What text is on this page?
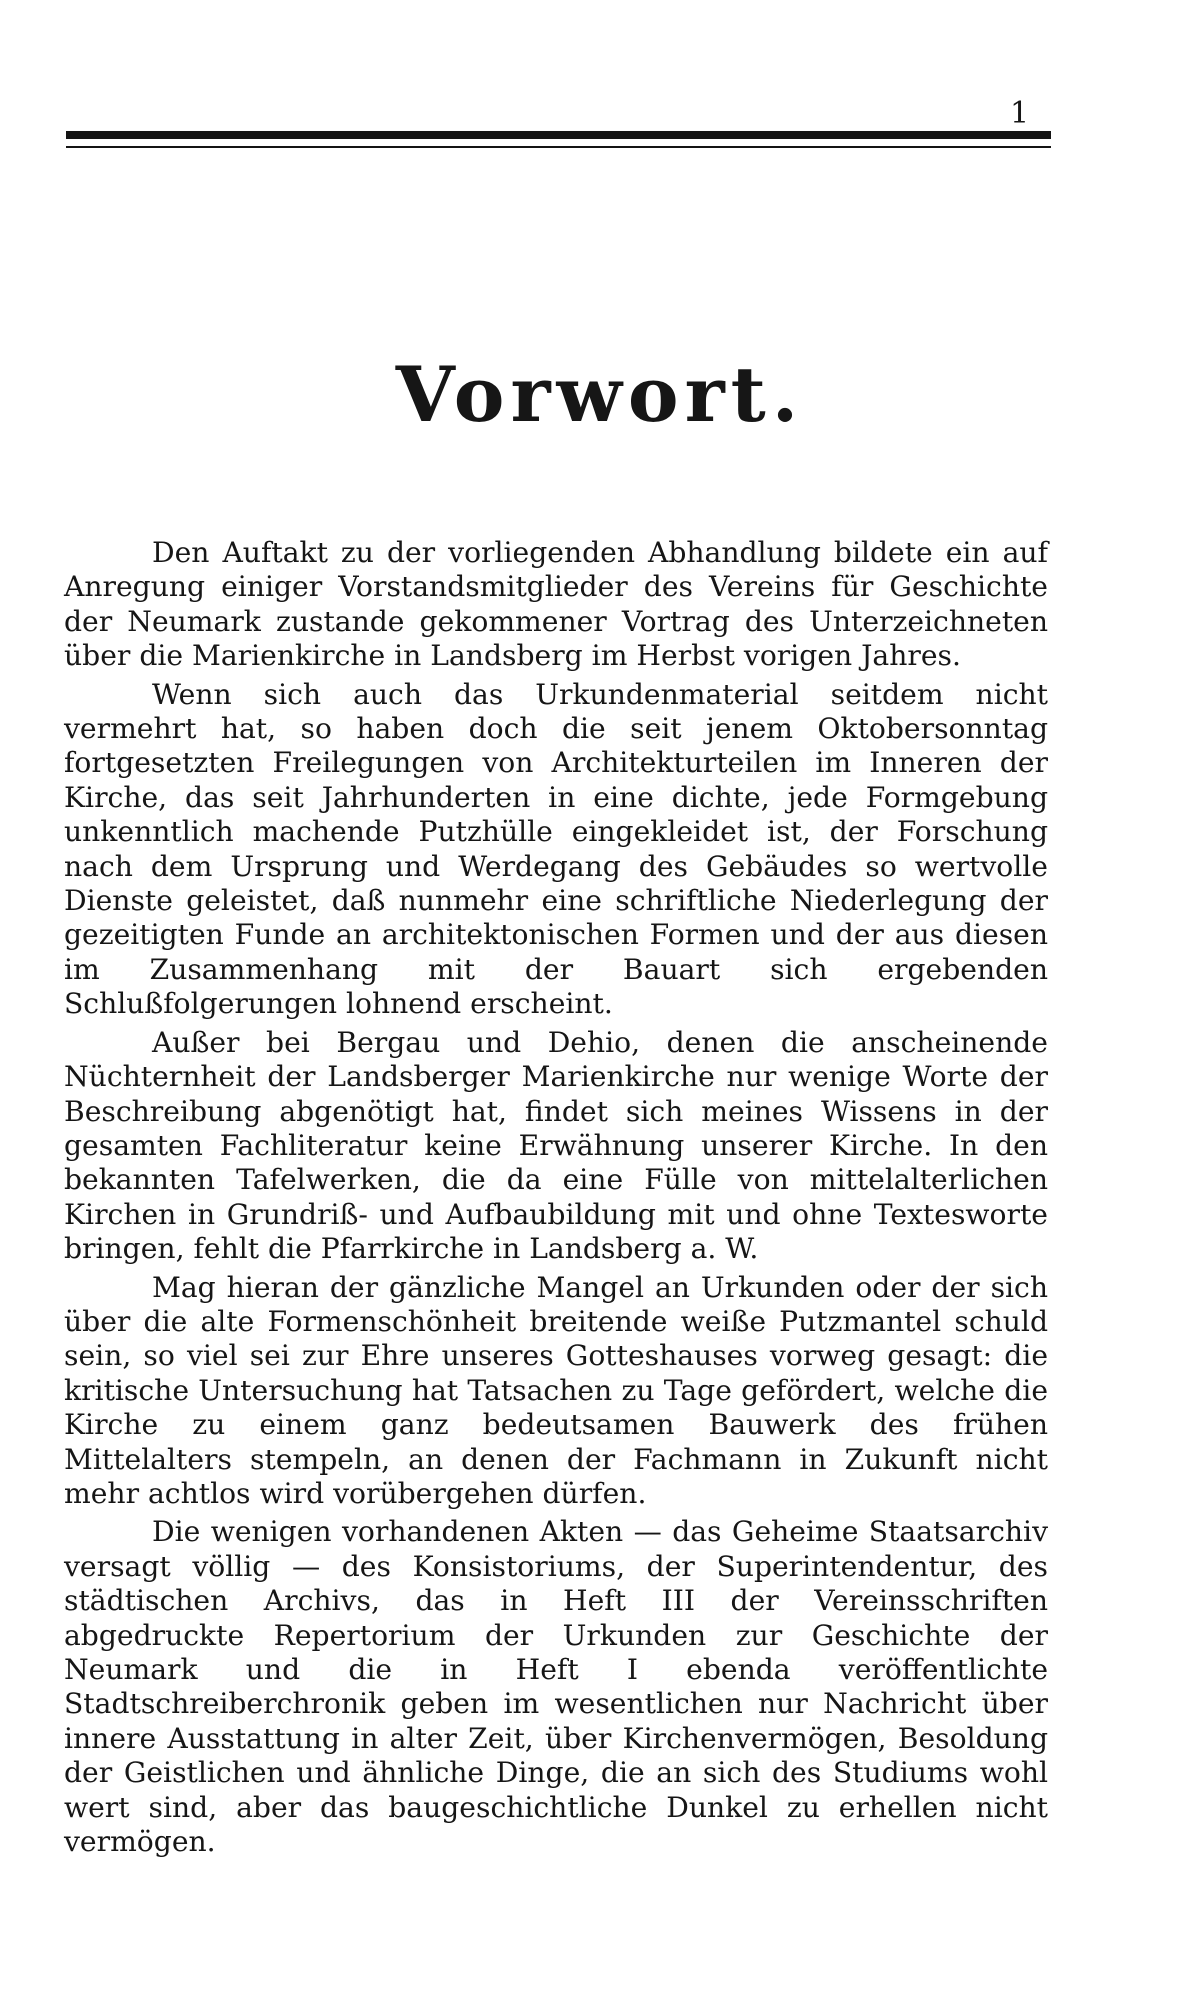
1
Vorwort.

Den Auftakt zu der vorliegenden Abhandlung bildete ein auf Anregung einiger Vorstandsmitglieder des Vereins für Geschichte der Neumark zustande gekommener Vortrag des Unterzeichneten über die Marienkirche in Landsberg im Herbst vorigen Jahres.

Wenn sich auch das Urkundenmaterial seitdem nicht vermehrt hat, so haben doch die seit jenem Oktobersonntag fortgesetzten Freilegungen von Architekturteilen im Inneren der Kirche, das seit Jahrhunderten in eine dichte, jede Formgebung unkenntlich machende Putzhülle eingekleidet ist, der Forschung nach dem Ursprung und Werdegang des Gebäudes so wertvolle Dienste geleistet, daß nunmehr eine schriftliche Niederlegung der gezeitigten Funde an architektonischen Formen und der aus diesen im Zusammenhang mit der Bauart sich ergebenden Schlußfolgerungen lohnend erscheint.

Außer bei Bergau und Dehio, denen die anscheinende Nüchternheit der Landsberger Marienkirche nur wenige Worte der Beschreibung abgenötigt hat, findet sich meines Wissens in der gesamten Fachliteratur keine Erwähnung unserer Kirche. In den bekannten Tafelwerken, die da eine Fülle von mittelalterlichen Kirchen in Grundriß- und Aufbaubildung mit und ohne Textesworte bringen, fehlt die Pfarrkirche in Landsberg a. W.

Mag hieran der gänzliche Mangel an Urkunden oder der sich über die alte Formenschönheit breitende weiße Putzmantel schuld sein, so viel sei zur Ehre unseres Gotteshauses vorweg gesagt: die kritische Untersuchung hat Tatsachen zu Tage gefördert, welche die Kirche zu einem ganz bedeutsamen Bauwerk des frühen Mittelalters stempeln, an denen der Fachmann in Zukunft nicht mehr achtlos wird vorübergehen dürfen.

Die wenigen vorhandenen Akten — das Geheime Staatsarchiv versagt völlig — des Konsistoriums, der Superintendentur, des städtischen Archivs, das in Heft III der Vereinsschriften abgedruckte Repertorium der Urkunden zur Geschichte der Neumark und die in Heft I ebenda veröffentlichte Stadtschreiberchronik geben im wesentlichen nur Nachricht über innere Ausstattung in alter Zeit, über Kirchenvermögen, Besoldung der Geistlichen und ähnliche Dinge, die an sich des Studiums wohl wert sind, aber das baugeschichtliche Dunkel zu erhellen nicht vermögen.
